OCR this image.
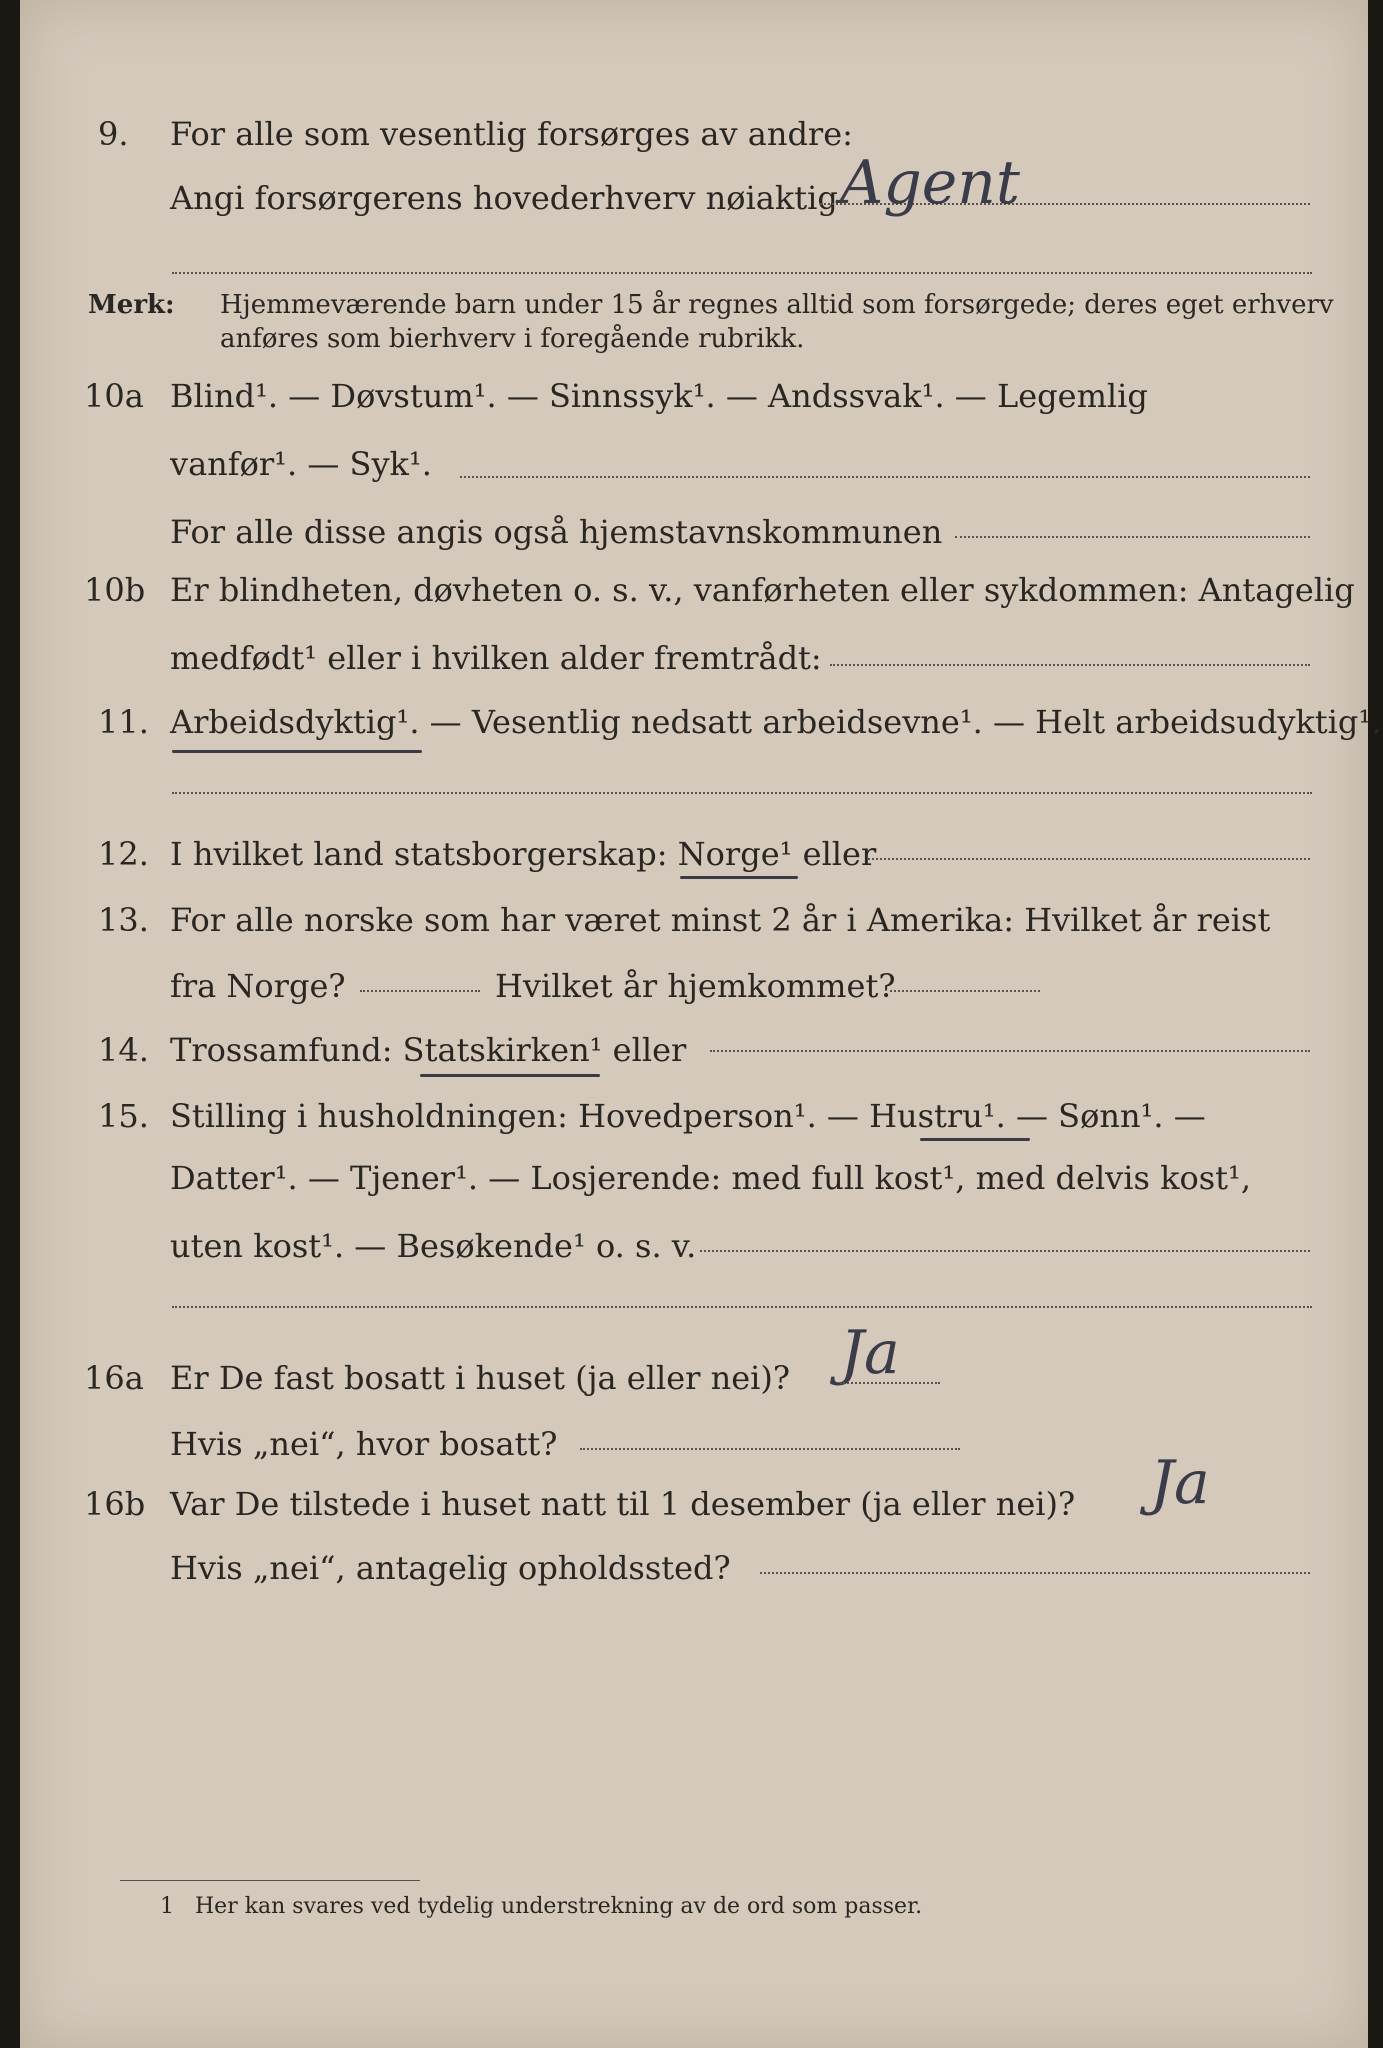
9. For alle som vesentlig forsørges av andre:
Angi forsørgerens hovederhverv nøiaktig Agent
Merk: Hjemmeværende barn under 15 år regnes alltid som forsørgede; deres eget erhverv
anføres som bierhverv i foregående rubrikk.
10a Blind¹. — Døvstum¹. — Sinnssyk¹. — Andssvak¹. — Legemlig
vanfør¹. — Syk¹.
For alle disse angis også hjemstavnskommunen
10b Er blindheten, døvheten o. s. v., vanførheten eller sykdommen: Antagelig
medfødt¹ eller i hvilken alder fremtrådt:
11. Arbeidsdyktig¹. — Vesentlig nedsatt arbeidsevne¹. — Helt arbeidsudyktig¹.
12. I hvilket land statsborgerskap: Norge¹ eller
13. For alle norske som har været minst 2 år i Amerika: Hvilket år reist
fra Norge?	Hvilket år hjemkommet?
14. Trossamfund: Statskirken¹ eller
15. Stilling i husholdningen: Hovedperson¹. — Hustru¹. — Sønn¹. —
Datter¹. — Tjener¹. — Losjerende: med full kost¹, med delvis kost¹,
uten kost¹. — Besøkende¹ o. s. v.
16a Er De fast bosatt i huset (ja eller nei)? Ja
Hvis „nei“, hvor bosatt?
16b Var De tilstede i huset natt til 1 desember (ja eller nei)? Ja
Hvis „nei“, antagelig opholdssted?
1 Her kan svares ved tydelig understrekning av de ord som passer.
